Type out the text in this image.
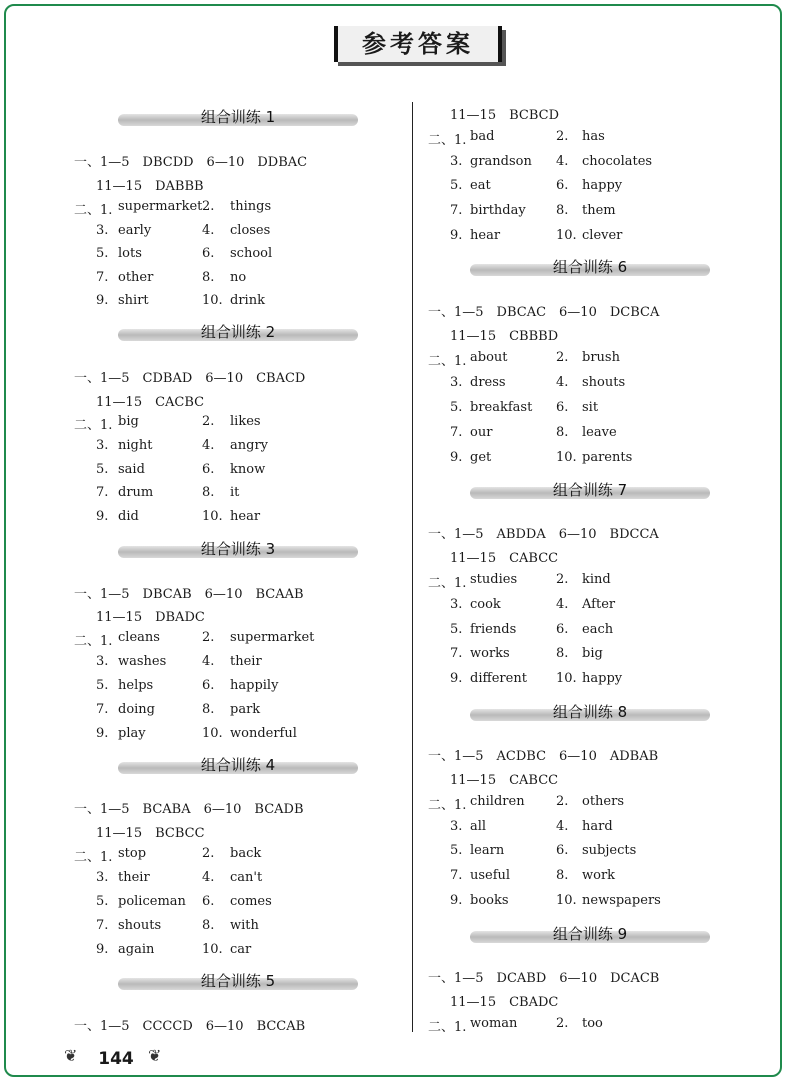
参考答案
组合训练 1
一、1—5　DBCDD　6—10　DDBAC
11—15　DABBB
二、1. supermarket 2. things
3. early	4. closes
5. lots	6. school
7. other	8. no
9. shirt	10. drink
组合训练 2
一、1—5　CDBAD　6—10　CBACD
11—15　CACBC
二、1. big	2. likes
3. night	4. angry
5. said	6. know
7. drum	8. it
9. did	10. hear
组合训练 3
一、1—5　DBCAB　6—10　BCAAB
11—15　DBADC
二、1. cleans	2. supermarket
3. washes	4. their
5. helps	6. happily
7. doing	8. park
9. play	10. wonderful
组合训练 4
一、1—5　BCABA　6—10　BCADB
11—15　BCBCC
二、1. stop	2. back
3. their	4. can't
5. policeman 6. comes
7. shouts	8. with
9. again	10. car
组合训练 5
一、1—5　CCCCD　6—10　BCCAB
11—15　BCBCD
二、1. bad	2. has
3. grandson 4. chocolates
5. eat	6. happy
7. birthday 8. them
9. hear	10. clever
组合训练 6
一、1—5　DBCAC　6—10　DCBCA
11—15　CBBBD
二、1. about	2. brush
3. dress	4. shouts
5. breakfast 6. sit
7. our	8. leave
9. get	10. parents
组合训练 7
一、1—5　ABDDA　6—10　BDCCA
11—15　CABCC
二、1. studies	2. kind
3. cook	4. After
5. friends	6. each
7. works	8. big
9. different 10. happy
组合训练 8
一、1—5　ACDBC　6—10　ADBAB
11—15　CABCC
二、1. children 2. others
3. all	4. hard
5. learn	6. subjects
7. useful	8. work
9. books	10. newspapers
组合训练 9
一、1—5　DCABD　6—10　DCACB
11—15　CBADC
二、1. woman	2. too
❦	144 ❦
